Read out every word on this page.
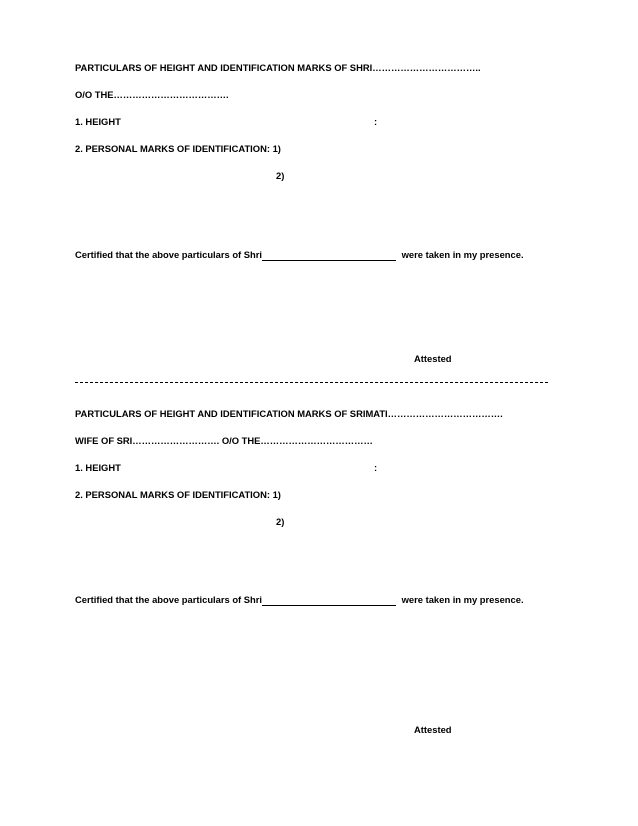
PARTICULARS OF HEIGHT AND IDENTIFICATION MARKS OF SHRI……………………………..
O/O THE……………………………….
1. HEIGHT	:
2. PERSONAL MARKS OF IDENTIFICATION: 1)
2)
Certified that the above particulars of Shri	were taken in my presence.
Attested
PARTICULARS OF HEIGHT AND IDENTIFICATION MARKS OF SRIMATI……………………………….
WIFE OF SRI………………………. O/O THE………………………………
1. HEIGHT	:
2. PERSONAL MARKS OF IDENTIFICATION: 1)
2)
Certified that the above particulars of Shri	were taken in my presence.
Attested
